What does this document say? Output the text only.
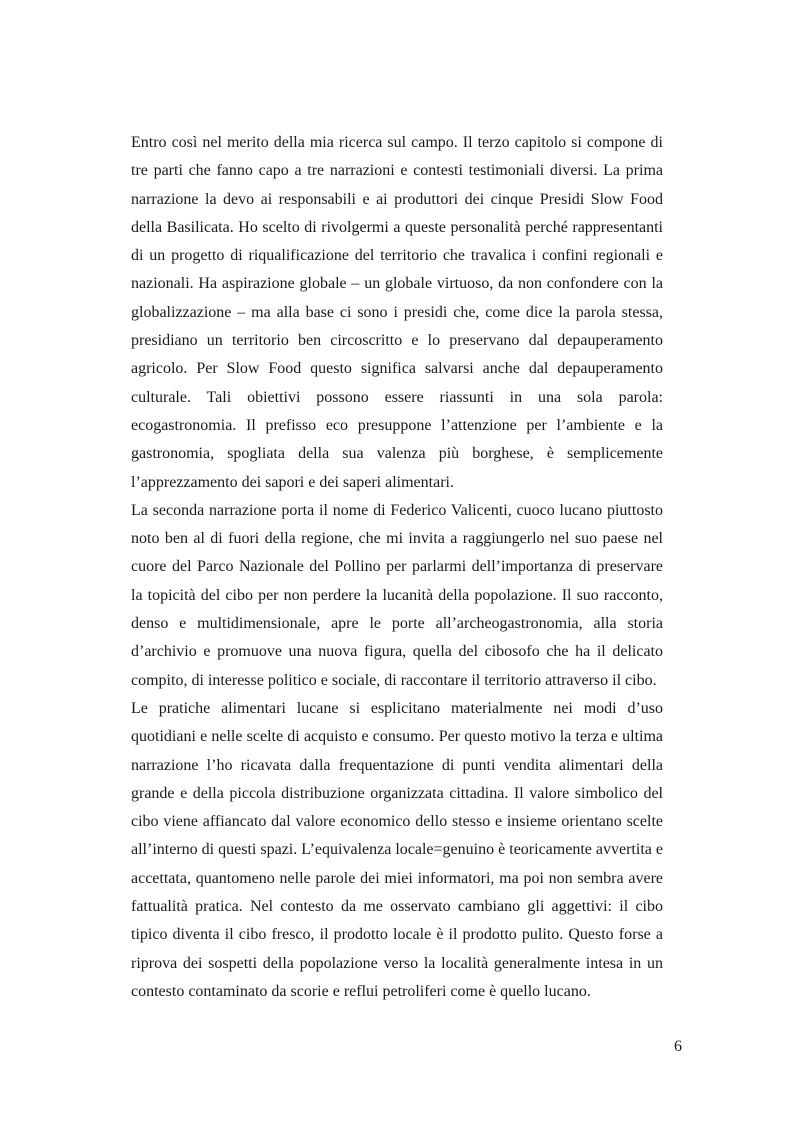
Entro così nel merito della mia ricerca sul campo. Il terzo capitolo si compone di tre parti che fanno capo a tre narrazioni e contesti testimoniali diversi. La prima narrazione la devo ai responsabili e ai produttori dei cinque Presidi Slow Food della Basilicata. Ho scelto di rivolgermi a queste personalità perché rappresentanti di un progetto di riqualificazione del territorio che travalica i confini regionali e nazionali. Ha aspirazione globale – un globale virtuoso, da non confondere con la globalizzazione – ma alla base ci sono i presidi che, come dice la parola stessa, presidiano un territorio ben circoscritto e lo preservano dal depauperamento agricolo. Per Slow Food questo significa salvarsi anche dal depauperamento culturale. Tali obiettivi possono essere riassunti in una sola parola: ecogastronomia. Il prefisso eco presuppone l’attenzione per l’ambiente e la gastronomia, spogliata della sua valenza più borghese, è semplicemente l’apprezzamento dei sapori e dei saperi alimentari.

La seconda narrazione porta il nome di Federico Valicenti, cuoco lucano piuttosto noto ben al di fuori della regione, che mi invita a raggiungerlo nel suo paese nel cuore del Parco Nazionale del Pollino per parlarmi dell’importanza di preservare la topicità del cibo per non perdere la lucanità della popolazione. Il suo racconto, denso e multidimensionale, apre le porte all’archeogastronomia, alla storia d’archivio e promuove una nuova figura, quella del cibosofo che ha il delicato compito, di interesse politico e sociale, di raccontare il territorio attraverso il cibo.

Le pratiche alimentari lucane si esplicitano materialmente nei modi d’uso quotidiani e nelle scelte di acquisto e consumo. Per questo motivo la terza e ultima narrazione l’ho ricavata dalla frequentazione di punti vendita alimentari della grande e della piccola distribuzione organizzata cittadina. Il valore simbolico del cibo viene affiancato dal valore economico dello stesso e insieme orientano scelte all’interno di questi spazi. L’equivalenza locale=genuino è teoricamente avvertita e accettata, quantomeno nelle parole dei miei informatori, ma poi non sembra avere fattualità pratica. Nel contesto da me osservato cambiano gli aggettivi: il cibo tipico diventa il cibo fresco, il prodotto locale è il prodotto pulito. Questo forse a riprova dei sospetti della popolazione verso la località generalmente intesa in un contesto contaminato da scorie e reflui petroliferi come è quello lucano.

6
